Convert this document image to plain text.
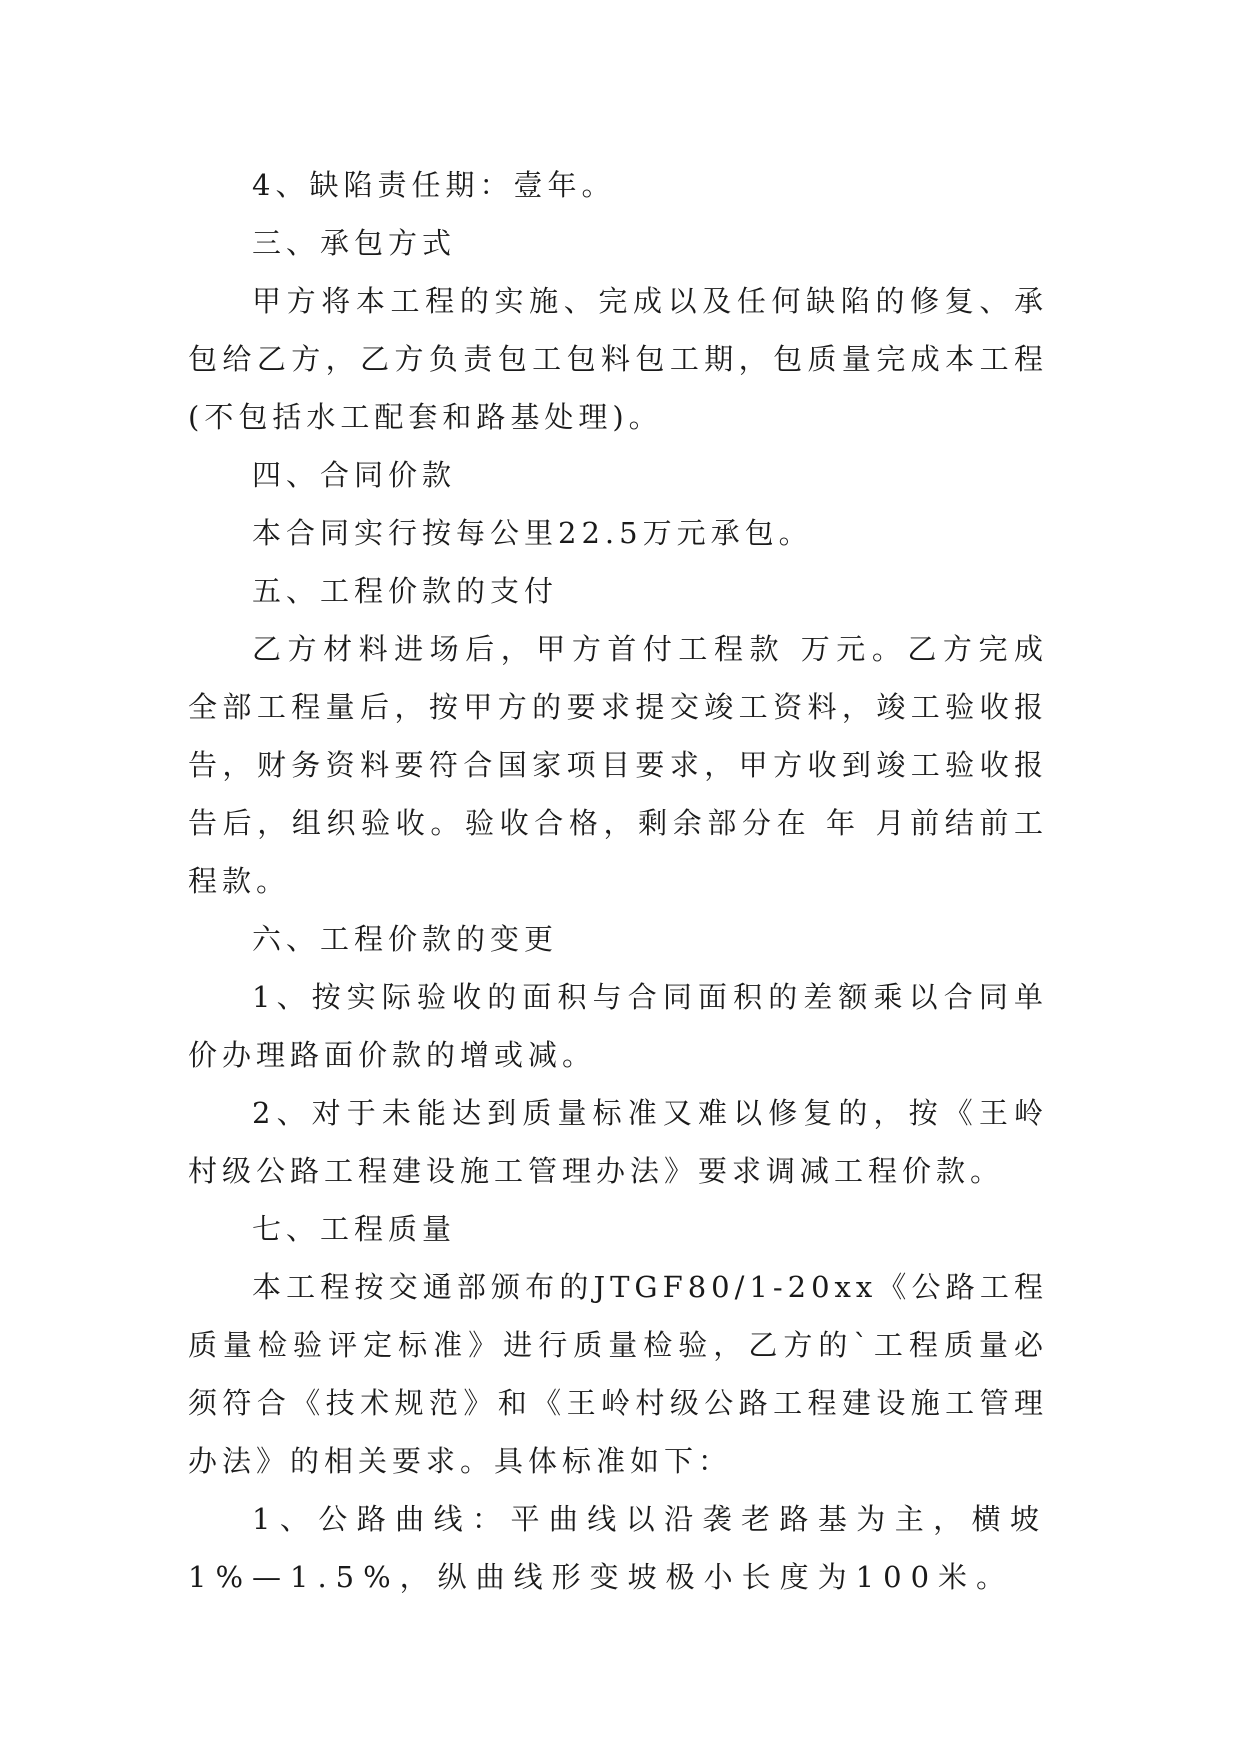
4、缺陷责任期：壹年。

三、承包方式

甲方将本工程的实施、完成以及任何缺陷的修复、承包给乙方，乙方负责包工包料包工期，包质量完成本工程(不包括水工配套和路基处理)。

四、合同价款

本合同实行按每公里22.5万元承包。

五、工程价款的支付

乙方材料进场后，甲方首付工程款 万元。乙方完成全部工程量后，按甲方的要求提交竣工资料，竣工验收报告，财务资料要符合国家项目要求，甲方收到竣工验收报告后，组织验收。验收合格，剩余部分在 年 月前结前工程款。

六、工程价款的变更

1、按实际验收的面积与合同面积的差额乘以合同单价办理路面价款的增或减。

2、对于未能达到质量标准又难以修复的，按《王岭村级公路工程建设施工管理办法》要求调减工程价款。

七、工程质量

本工程按交通部颁布的JTGF80/1-20xx《公路工程质量检验评定标准》进行质量检验，乙方的`工程质量必须符合《技术规范》和《王岭村级公路工程建设施工管理办法》的相关要求。具体标准如下：

1、公路曲线：平曲线以沿袭老路基为主，横坡1%—1.5%，纵曲线形变坡极小长度为100米。
